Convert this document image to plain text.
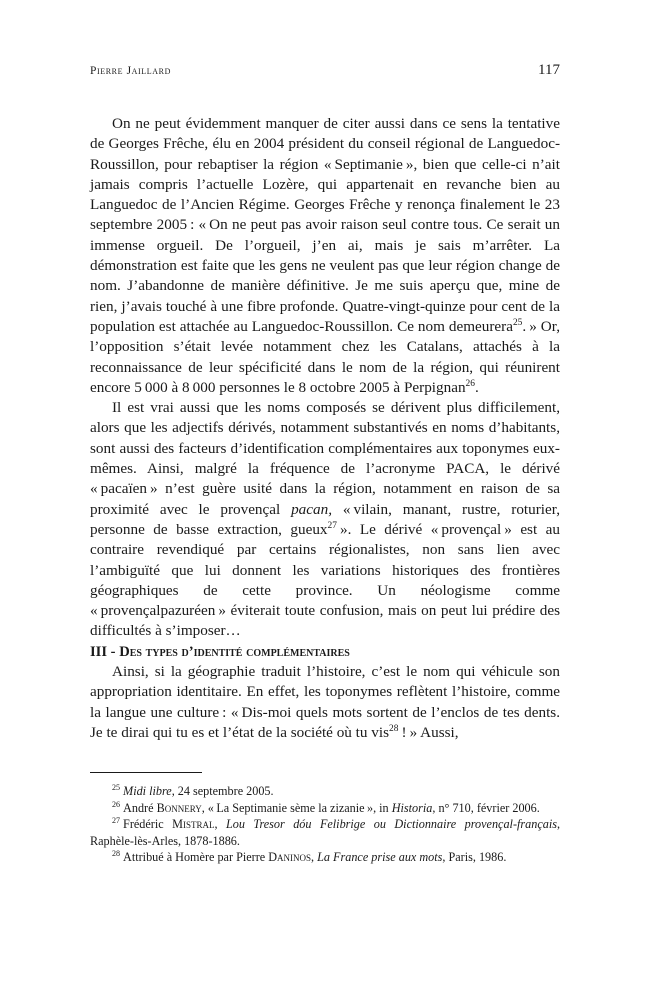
Pierre Jaillard	117

On ne peut évidemment manquer de citer aussi dans ce sens la tentative de Georges Frêche, élu en 2004 président du conseil régional de Languedoc-Roussillon, pour rebaptiser la région « Septimanie », bien que celle-ci n’ait jamais compris l’actuelle Lozère, qui appartenait en revanche bien au Languedoc de l’Ancien Régime. Georges Frêche y renonça finalement le 23 septembre 2005 : « On ne peut pas avoir raison seul contre tous. Ce serait un immense orgueil. De l’orgueil, j’en ai, mais je sais m’arrêter. La démonstration est faite que les gens ne veulent pas que leur région change de nom. J’abandonne de manière définitive. Je me suis aperçu que, mine de rien, j’avais touché à une fibre profonde. Quatre-vingt-quinze pour cent de la population est attachée au Languedoc-Roussillon. Ce nom demeurera$^{25}$. » Or, l’opposition s’était levée notamment chez les Catalans, attachés à la reconnaissance de leur spécificité dans le nom de la région, qui réunirent encore 5 000 à 8 000 personnes le 8 octobre 2005 à Perpignan$^{26}$.

Il est vrai aussi que les noms composés se dérivent plus difficilement, alors que les adjectifs dérivés, notamment substantivés en noms d’habitants, sont aussi des facteurs d’identification complémentaires aux toponymes eux-mêmes. Ainsi, malgré la fréquence de l’acronyme PACA, le dérivé « pacaïen » n’est guère usité dans la région, notamment en raison de sa proximité avec le provençal pacan, « vilain, manant, rustre, roturier, personne de basse extraction, gueux$^{27}$ ». Le dérivé « provençal » est au contraire revendiqué par certains régionalistes, non sans lien avec l’ambiguïté que lui donnent les variations historiques des frontières géographiques de cette province. Un néologisme comme « provençalpazuréen » éviterait toute confusion, mais on peut lui prédire des difficultés à s’imposer…

III - Des types d’identité complémentaires

Ainsi, si la géographie traduit l’histoire, c’est le nom qui véhicule son appropriation identitaire. En effet, les toponymes reflètent l’histoire, comme la langue une culture : « Dis-moi quels mots sortent de l’enclos de tes dents. Je te dirai qui tu es et l’état de la société où tu vis$^{28}$ ! » Aussi,

$^{25}$ Midi libre, 24 septembre 2005.

$^{26}$ André Bonnery, « La Septimanie sème la zizanie », in Historia, n° 710, février 2006.

$^{27}$ Frédéric Mistral, Lou Tresor dóu Felibrige ou Dictionnaire provençal-français, Raphèle-lès-Arles, 1878-1886.

$^{28}$ Attribué à Homère par Pierre Daninos, La France prise aux mots, Paris, 1986.
